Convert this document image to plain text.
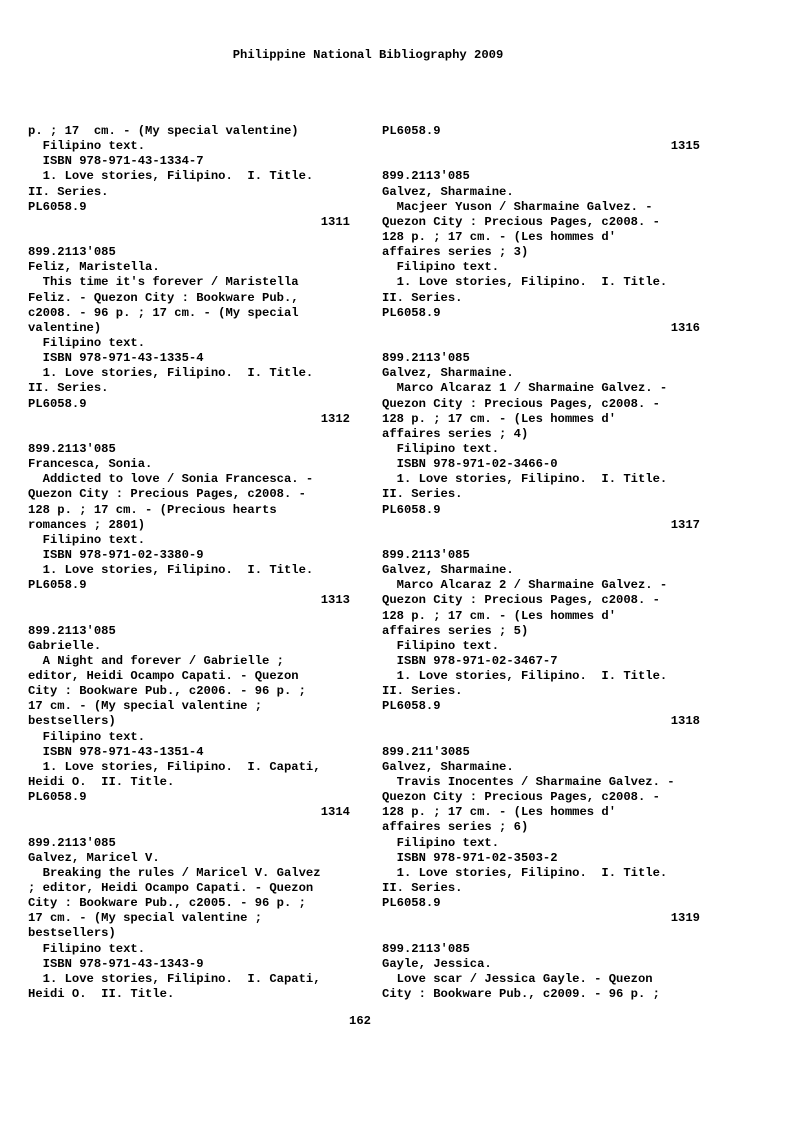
Philippine National Bibliography 2009
p. ; 17  cm. - (My special valentine)
Filipino text.
ISBN 978-971-43-1334-7
1. Love stories, Filipino.  I. Title.
II. Series.
PL6058.9
1311
899.2113'085
Feliz, Maristella.
This time it's forever / Maristella
Feliz. - Quezon City : Bookware Pub.,
c2008. - 96 p. ; 17 cm. - (My special
valentine)
Filipino text.
ISBN 978-971-43-1335-4
1. Love stories, Filipino.  I. Title.
II. Series.
PL6058.9
1312
899.2113'085
Francesca, Sonia.
Addicted to love / Sonia Francesca. -
Quezon City : Precious Pages, c2008. -
128 p. ; 17 cm. - (Precious hearts
romances ; 2801)
Filipino text.
ISBN 978-971-02-3380-9
1. Love stories, Filipino.  I. Title.
PL6058.9
1313
899.2113'085
Gabrielle.
A Night and forever / Gabrielle ;
editor, Heidi Ocampo Capati. - Quezon
City : Bookware Pub., c2006. - 96 p. ;
17 cm. - (My special valentine ;
bestsellers)
Filipino text.
ISBN 978-971-43-1351-4
1. Love stories, Filipino.  I. Capati,
Heidi O.  II. Title.
PL6058.9
1314
899.2113'085
Galvez, Maricel V.
Breaking the rules / Maricel V. Galvez
; editor, Heidi Ocampo Capati. - Quezon
City : Bookware Pub., c2005. - 96 p. ;
17 cm. - (My special valentine ;
bestsellers)
Filipino text.
ISBN 978-971-43-1343-9
1. Love stories, Filipino.  I. Capati,
Heidi O.  II. Title.
PL6058.9
1315
899.2113'085
Galvez, Sharmaine.
Macjeer Yuson / Sharmaine Galvez. -
Quezon City : Precious Pages, c2008. -
128 p. ; 17 cm. - (Les hommes d'
affaires series ; 3)
Filipino text.
1. Love stories, Filipino.  I. Title.
II. Series.
PL6058.9
1316
899.2113'085
Galvez, Sharmaine.
Marco Alcaraz 1 / Sharmaine Galvez. -
Quezon City : Precious Pages, c2008. -
128 p. ; 17 cm. - (Les hommes d'
affaires series ; 4)
Filipino text.
ISBN 978-971-02-3466-0
1. Love stories, Filipino.  I. Title.
II. Series.
PL6058.9
1317
899.2113'085
Galvez, Sharmaine.
Marco Alcaraz 2 / Sharmaine Galvez. -
Quezon City : Precious Pages, c2008. -
128 p. ; 17 cm. - (Les hommes d'
affaires series ; 5)
Filipino text.
ISBN 978-971-02-3467-7
1. Love stories, Filipino.  I. Title.
II. Series.
PL6058.9
1318
899.211'3085
Galvez, Sharmaine.
Travis Inocentes / Sharmaine Galvez. -
Quezon City : Precious Pages, c2008. -
128 p. ; 17 cm. - (Les hommes d'
affaires series ; 6)
Filipino text.
ISBN 978-971-02-3503-2
1. Love stories, Filipino.  I. Title.
II. Series.
PL6058.9
1319
899.2113'085
Gayle, Jessica.
Love scar / Jessica Gayle. - Quezon
City : Bookware Pub., c2009. - 96 p. ;
162
